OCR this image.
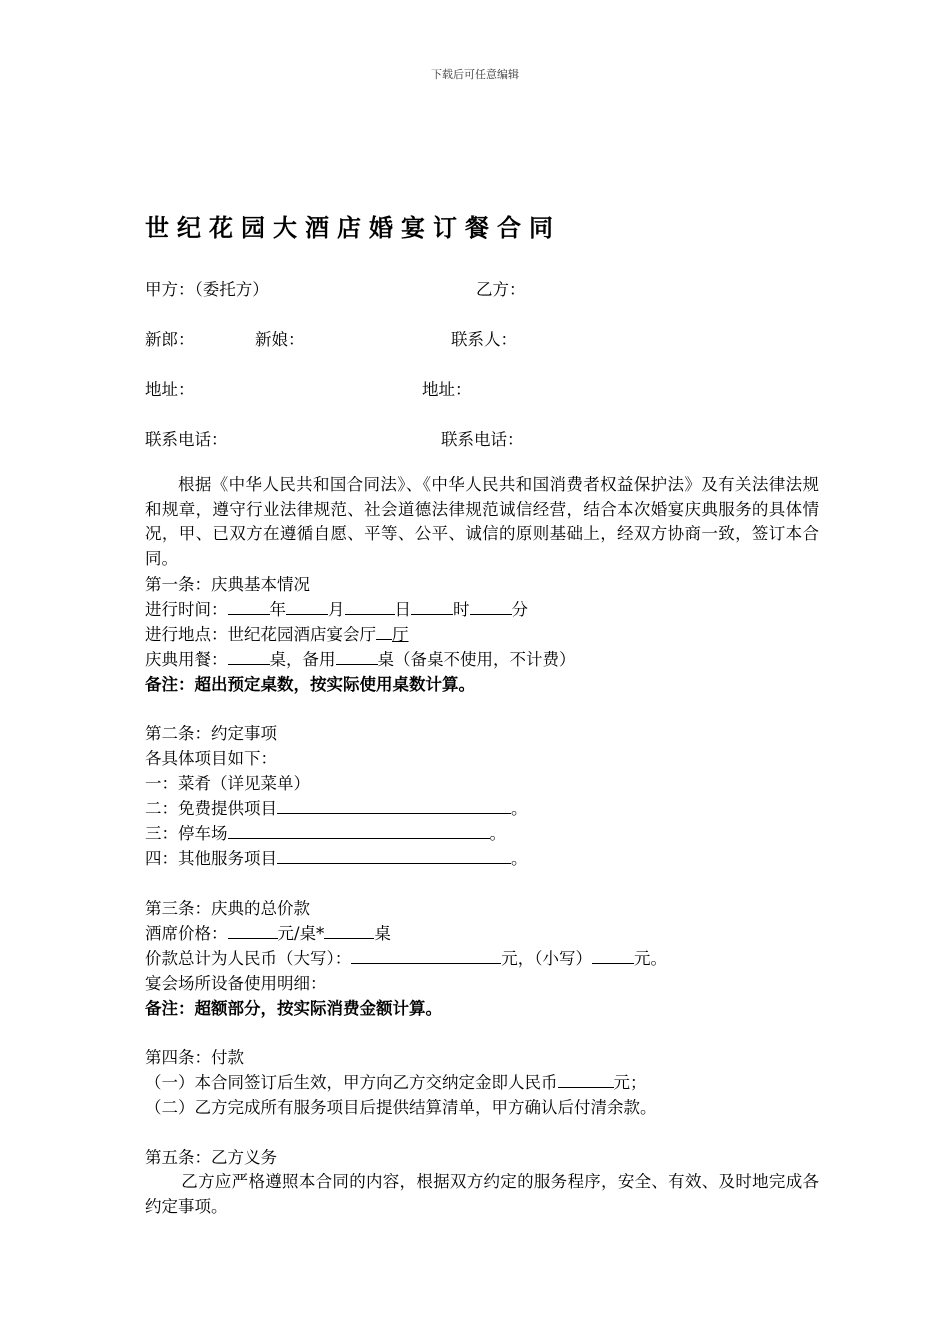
下载后可任意编辑
世纪花园大酒店婚宴订餐合同
甲方：（委托方）	乙方：
新郎：	新娘：	联系人：
地址：	地址：
联系电话：	联系电话：
根据《中华人民共和国合同法》、《中华人民共和国消费者权益保护法》及有关法律法规和规章，遵守行业法律规范、社会道德法律规范诚信经营，结合本次婚宴庆典服务的具体情况，甲、已双方在遵循自愿、平等、公平、诚信的原则基础上，经双方协商一致，签订本合同。
第一条：庆典基本情况
进行时间：	年	月	日	时	分
进行地点：世纪花园酒店宴会厅 厅
庆典用餐：	桌，备用	桌（备桌不使用，不计费）
备注：超出预定桌数，按实际使用桌数计算。
第二条：约定事项
各具体项目如下：
一：菜肴（详见菜单）
二：免费提供项目	。
三：停车场	。
四：其他服务项目	。
第三条：庆典的总价款
酒席价格：	元/桌*	桌
价款总计为人民币（大写）：	元，（小写）	元。
宴会场所设备使用明细：
备注：超额部分，按实际消费金额计算。
第四条：付款
（一）本合同签订后生效，甲方向乙方交纳定金即人民币	元；
（二）乙方完成所有服务项目后提供结算清单，甲方确认后付清余款。
第五条：乙方义务
乙方应严格遵照本合同的内容，根据双方约定的服务程序，安全、有效、及时地完成各约定事项。
